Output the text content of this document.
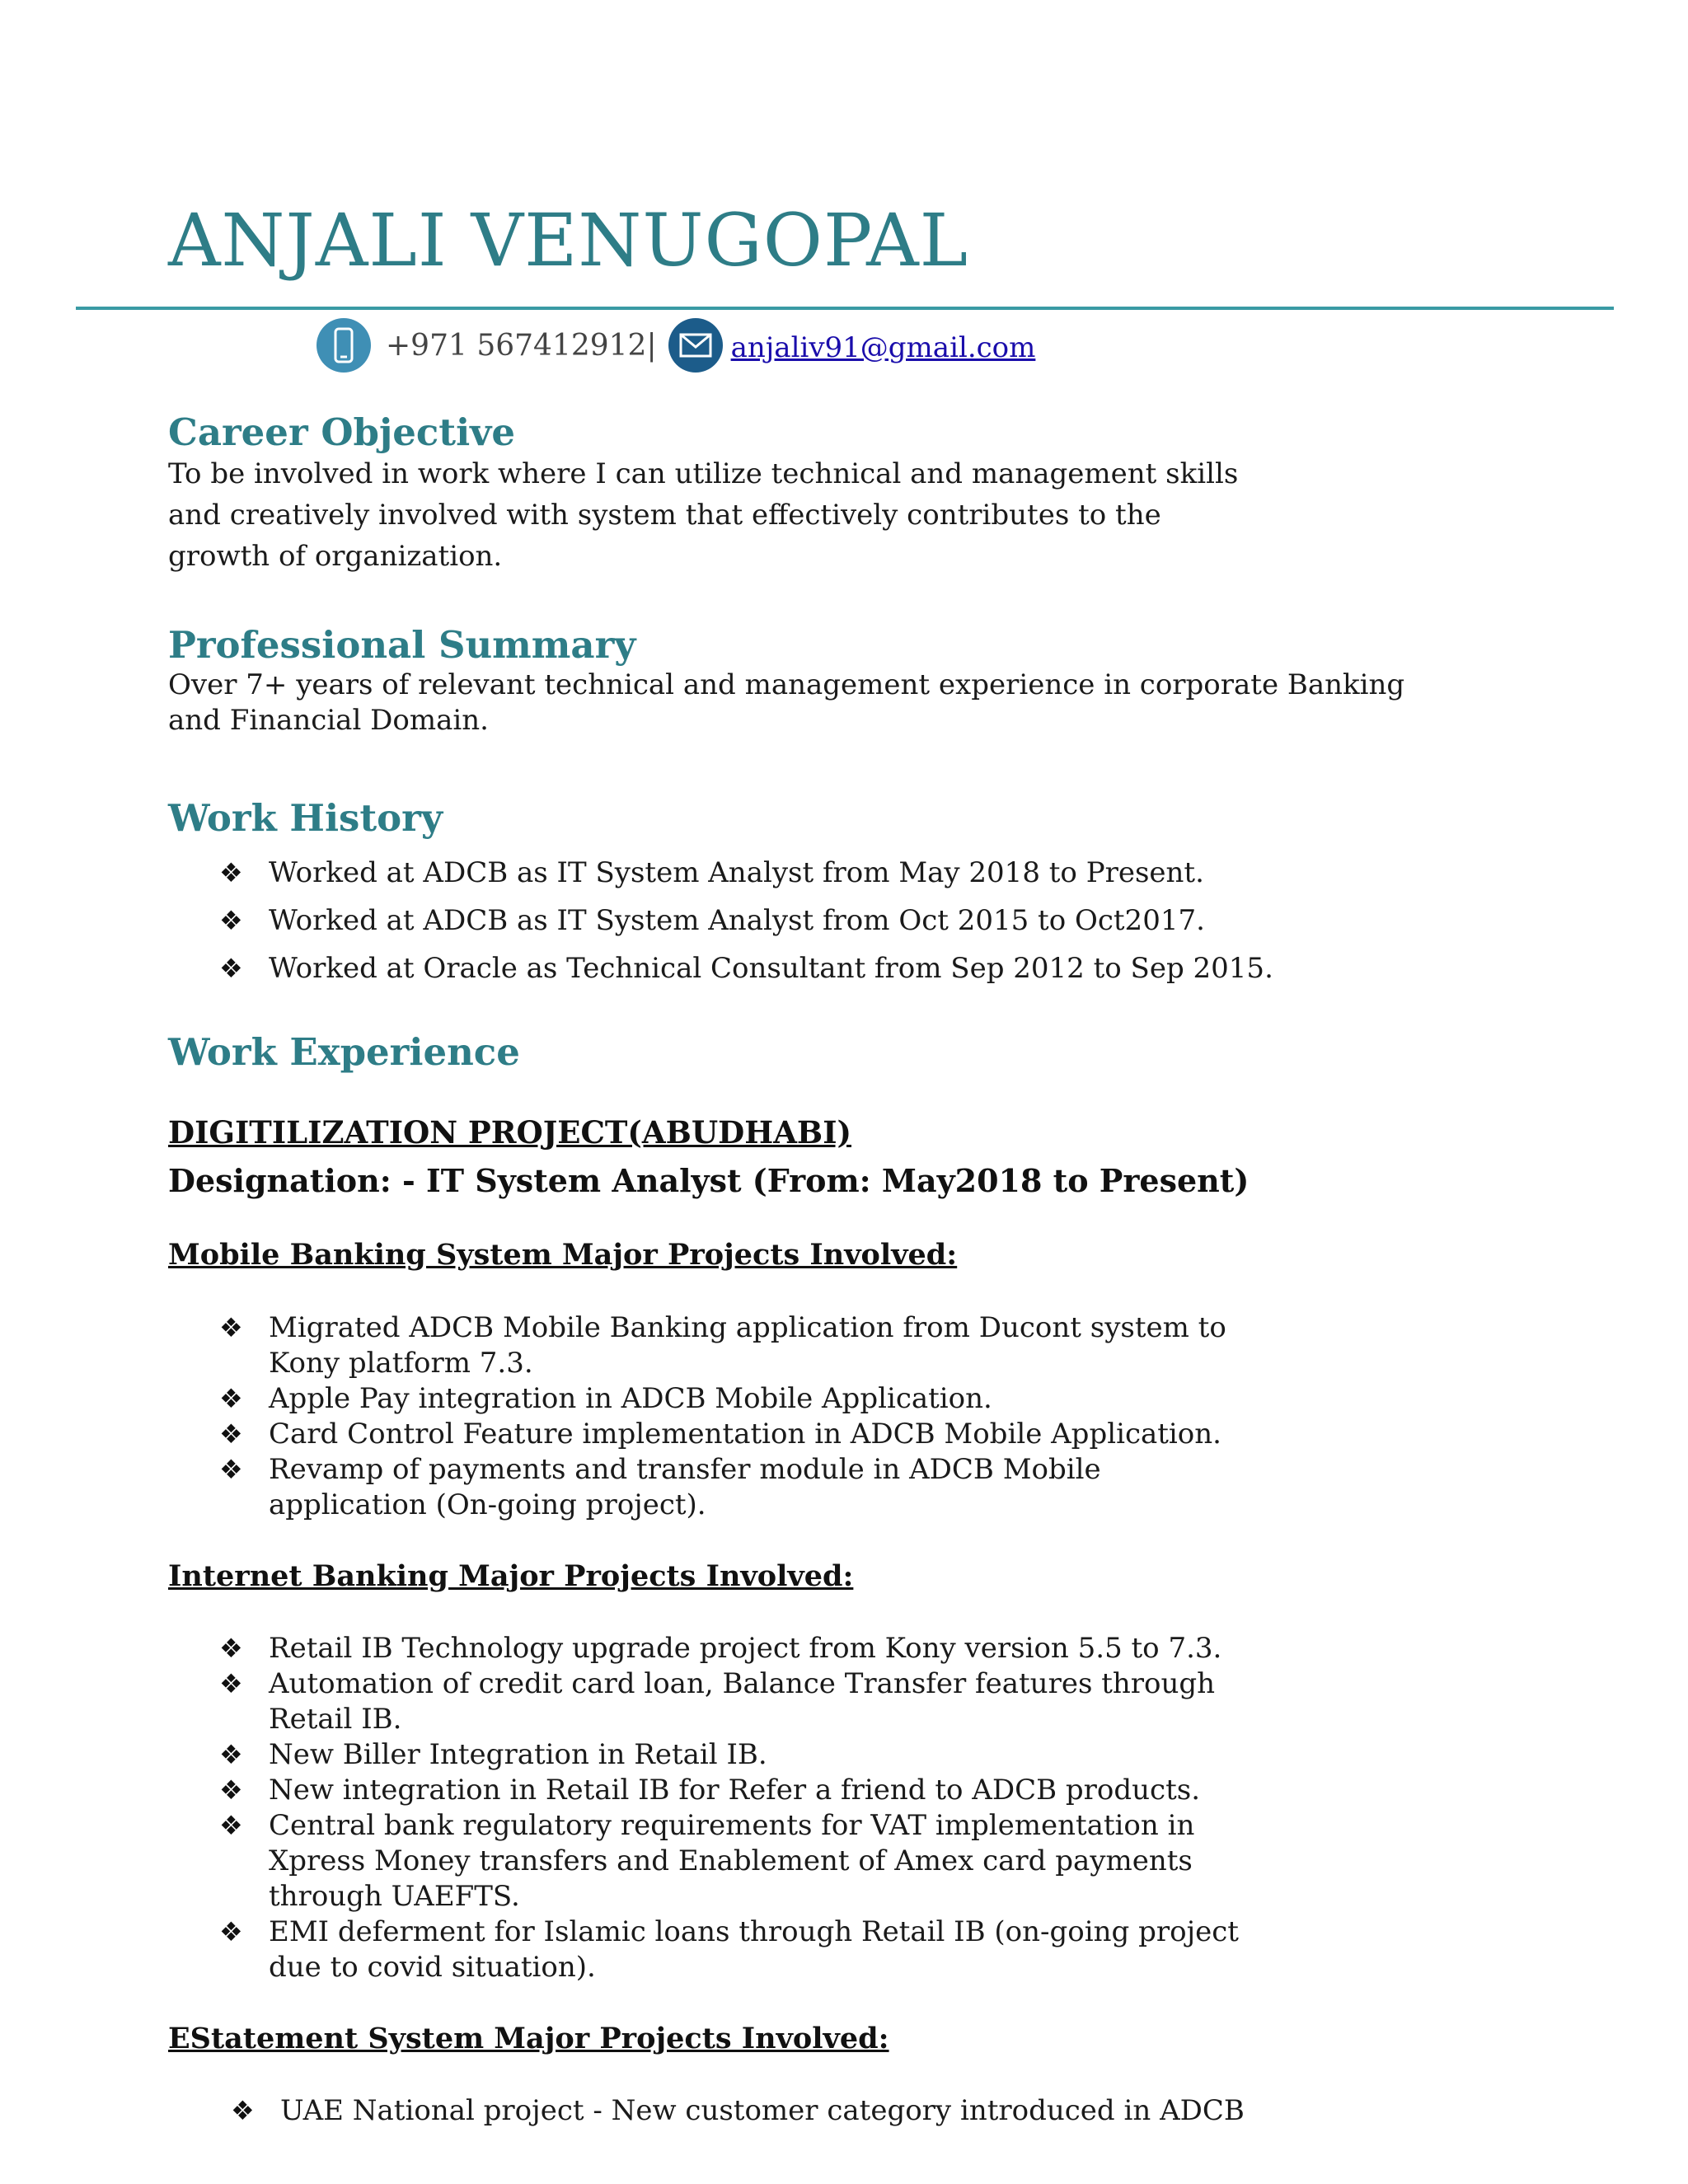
ANJALI VENUGOPAL
+971 567412912|	anjaliv91@gmail.com
Career Objective
To be involved in work where I can utilize technical and management skills
and creatively involved with system that effectively contributes to the
growth of organization.
Professional Summary
Over 7+ years of relevant technical and management experience in corporate Banking
and Financial Domain.
Work History
❖ Worked at ADCB as IT System Analyst from May 2018 to Present.
❖ Worked at ADCB as IT System Analyst from Oct 2015 to Oct2017.
❖ Worked at Oracle as Technical Consultant from Sep 2012 to Sep 2015.
Work Experience
DIGITILIZATION PROJECT(ABUDHABI)
Designation: - IT System Analyst (From: May2018 to Present)
Mobile Banking System Major Projects Involved:
❖ Migrated ADCB Mobile Banking application from Ducont system to
Kony platform 7.3.
❖ Apple Pay integration in ADCB Mobile Application.
❖ Card Control Feature implementation in ADCB Mobile Application.
❖ Revamp of payments and transfer module in ADCB Mobile
application (On-going project).
Internet Banking Major Projects Involved:
❖ Retail IB Technology upgrade project from Kony version 5.5 to 7.3.
❖ Automation of credit card loan, Balance Transfer features through
Retail IB.
❖ New Biller Integration in Retail IB.
❖ New integration in Retail IB for Refer a friend to ADCB products.
❖ Central bank regulatory requirements for VAT implementation in
Xpress Money transfers and Enablement of Amex card payments
through UAEFTS.
❖ EMI deferment for Islamic loans through Retail IB (on-going project
due to covid situation).
EStatement System Major Projects Involved:
❖ UAE National project - New customer category introduced in ADCB
